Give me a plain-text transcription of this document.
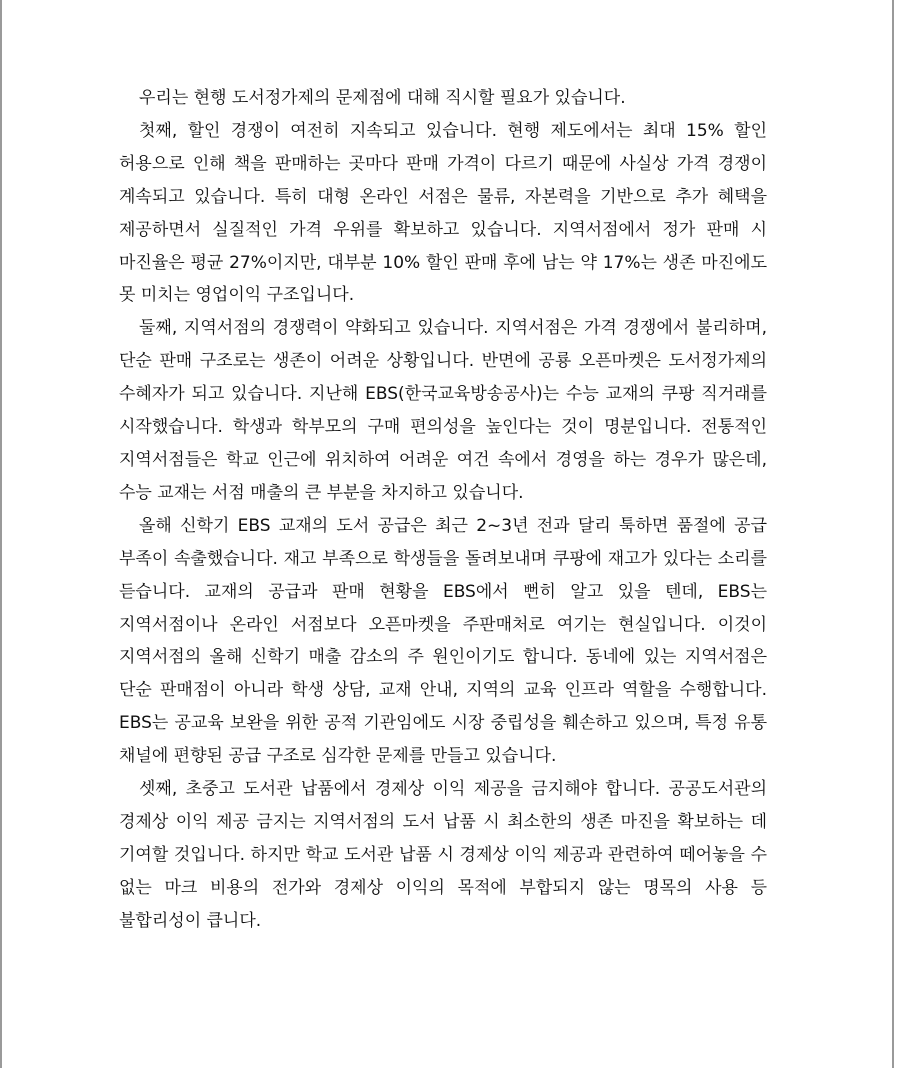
우리는 현행 도서정가제의 문제점에 대해 직시할 필요가 있습니다.

첫째, 할인 경쟁이 여전히 지속되고 있습니다. 현행 제도에서는 최대 15% 할인 허용으로 인해 책을 판매하는 곳마다 판매 가격이 다르기 때문에 사실상 가격 경쟁이 계속되고 있습니다. 특히 대형 온라인 서점은 물류, 자본력을 기반으로 추가 혜택을 제공하면서 실질적인 가격 우위를 확보하고 있습니다. 지역서점에서 정가 판매 시 마진율은 평균 27%이지만, 대부분 10% 할인 판매 후에 남는 약 17%는 생존 마진에도 못 미치는 영업이익 구조입니다.

둘째, 지역서점의 경쟁력이 약화되고 있습니다. 지역서점은 가격 경쟁에서 불리하며, 단순 판매 구조로는 생존이 어려운 상황입니다. 반면에 공룡 오픈마켓은 도서정가제의 수혜자가 되고 있습니다. 지난해 EBS(한국교육방송공사)는 수능 교재의 쿠팡 직거래를 시작했습니다. 학생과 학부모의 구매 편의성을 높인다는 것이 명분입니다. 전통적인 지역서점들은 학교 인근에 위치하여 어려운 여건 속에서 경영을 하는 경우가 많은데, 수능 교재는 서점 매출의 큰 부분을 차지하고 있습니다.

올해 신학기 EBS 교재의 도서 공급은 최근 2~3년 전과 달리 툭하면 품절에 공급 부족이 속출했습니다. 재고 부족으로 학생들을 돌려보내며 쿠팡에 재고가 있다는 소리를 듣습니다. 교재의 공급과 판매 현황을 EBS에서 뻔히 알고 있을 텐데, EBS는 지역서점이나 온라인 서점보다 오픈마켓을 주판매처로 여기는 현실입니다. 이것이 지역서점의 올해 신학기 매출 감소의 주 원인이기도 합니다. 동네에 있는 지역서점은 단순 판매점이 아니라 학생 상담, 교재 안내, 지역의 교육 인프라 역할을 수행합니다. EBS는 공교육 보완을 위한 공적 기관임에도 시장 중립성을 훼손하고 있으며, 특정 유통 채널에 편향된 공급 구조로 심각한 문제를 만들고 있습니다.

셋째, 초중고 도서관 납품에서 경제상 이익 제공을 금지해야 합니다. 공공도서관의 경제상 이익 제공 금지는 지역서점의 도서 납품 시 최소한의 생존 마진을 확보하는 데 기여할 것입니다. 하지만 학교 도서관 납품 시 경제상 이익 제공과 관련하여 떼어놓을 수 없는 마크 비용의 전가와 경제상 이익의 목적에 부합되지 않는 명목의 사용 등 불합리성이 큽니다.
